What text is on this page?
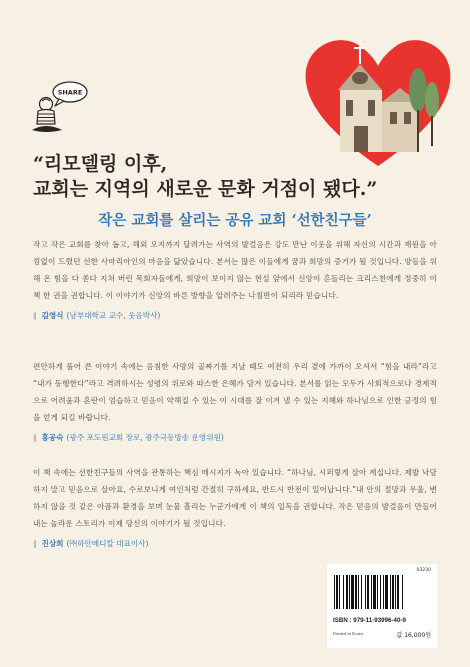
SHARE
“리모델링 이후,
교회는 지역의 새로운 문화 거점이 됐다.”
작은 교회를 살리는 공유 교회 ‘선한친구들’

작고 작은 교회를 찾아 돕고, 해외 오지까지 달려가는 사역의 발걸음은 강도 만난 이웃을 위해 자신의 시간과 재원을 아낌없이 드렸던 선한 사마리아인의 마음을 닮았습니다. 본서는 많은 이들에게 꿈과 희망의 증거가 될 것입니다. 양들을 위해 온 힘을 다 쏟다 지쳐 버린 목회자들에게, 희망이 보이지 않는 현실 앞에서 신앙이 흔들리는 크리스천에게 정중히 이 책 한 권을 권합니다. 이 이야기가 신앙의 바른 방향을 알려주는 나침반이 되리라 믿습니다.

‖ 김영식 (남부대학교 교수, 웃음박사)

편안하게 풀어 쓴 이야기 속에는 음침한 사망의 골짜기를 지날 때도 여전히 우리 곁에 가까이 오셔서 “힘을 내라”라고 “내가 동행한다”라고 격려하시는 성령의 위로와 따스한 은혜가 담겨 있습니다. 본서를 읽는 모두가 사회적으로나 경제적으로 어려움과 혼란이 엄습하고 믿음이 약해질 수 있는 이 시대를 잘 이겨 낼 수 있는 지혜와 하나님으로 인한 긍정의 힘을 얻게 되길 바랍니다.

‖ 홍공숙 (광주 포도원교회 장로, 광주극동방송 운영위원)

이 책 속에는 선한친구들의 사역을 관통하는 핵심 메시지가 녹아 있습니다. “하나님, 시퍼렇게 살아 계십니다. 제발 낙담하지 말고 믿음으로 살아요, 수로보니게 여인처럼 간절히 구하세요, 반드시 반전이 일어납니다.”내 안의 절망과 우울, 변하지 않을 것 같은 아픔과 환경을 보며 눈물 흘리는 누군가에게 이 책의 일독을 권합니다. 작은 믿음의 발걸음이 만들어 내는 놀라운 스토리가 이제 당신의 이야기가 될 것입니다.

‖ 진상희 (㈜하안메디칼 대표이사)
03230
ISBN : 979-11-93996-40-9
Printed in Korea	값 16,000원
